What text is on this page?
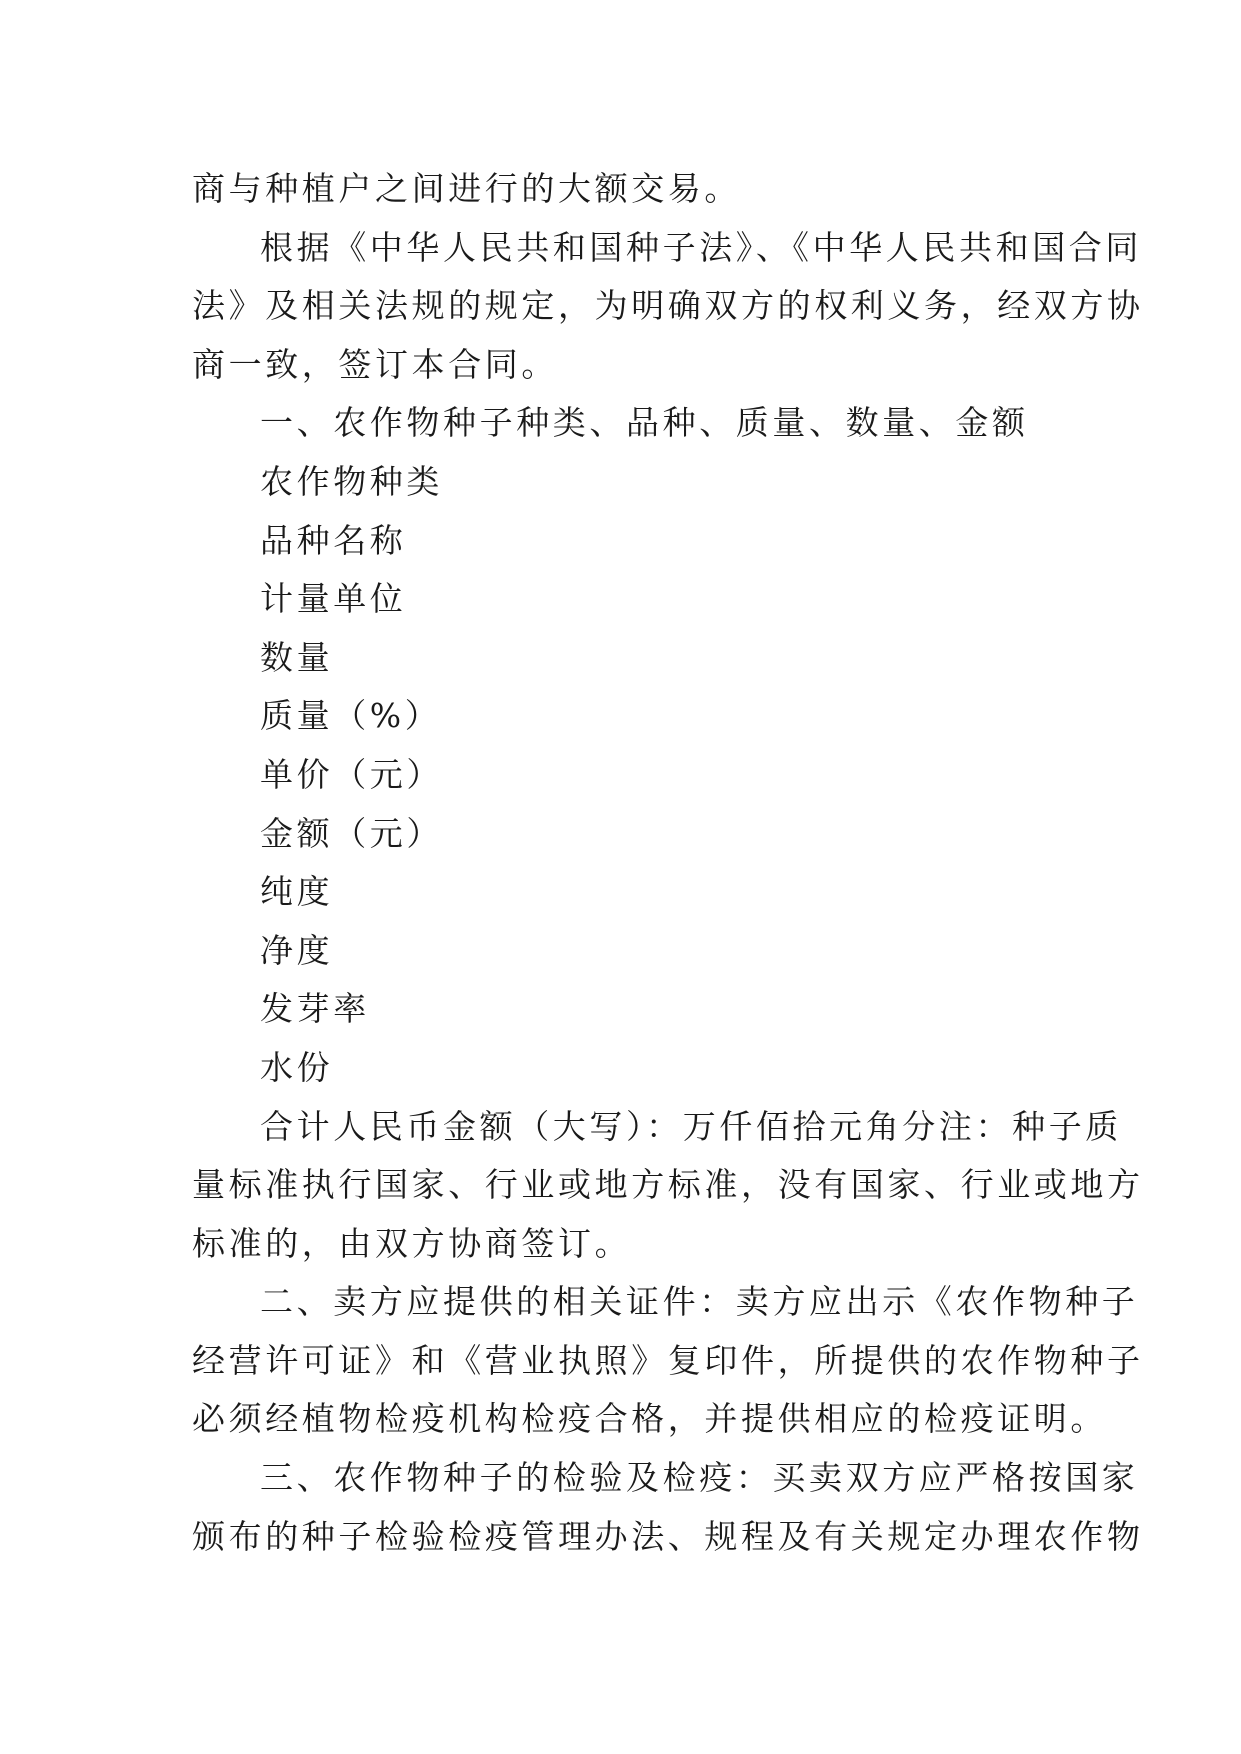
商与种植户之间进行的大额交易。

根据《中华人民共和国种子法》、《中华人民共和国合同

法》及相关法规的规定，为明确双方的权利义务，经双方协

商一致，签订本合同。

一、农作物种子种类、品种、质量、数量、金额

农作物种类

品种名称

计量单位

数量

质量（%）

单价（元）

金额（元）

纯度

净度

发芽率

水份

合计人民币金额（大写）：万仟佰拾元角分注：种子质

量标准执行国家、行业或地方标准，没有国家、行业或地方

标准的，由双方协商签订。

二、卖方应提供的相关证件：卖方应出示《农作物种子

经营许可证》和《营业执照》复印件，所提供的农作物种子

必须经植物检疫机构检疫合格，并提供相应的检疫证明。

三、农作物种子的检验及检疫：买卖双方应严格按国家

颁布的种子检验检疫管理办法、规程及有关规定办理农作物
